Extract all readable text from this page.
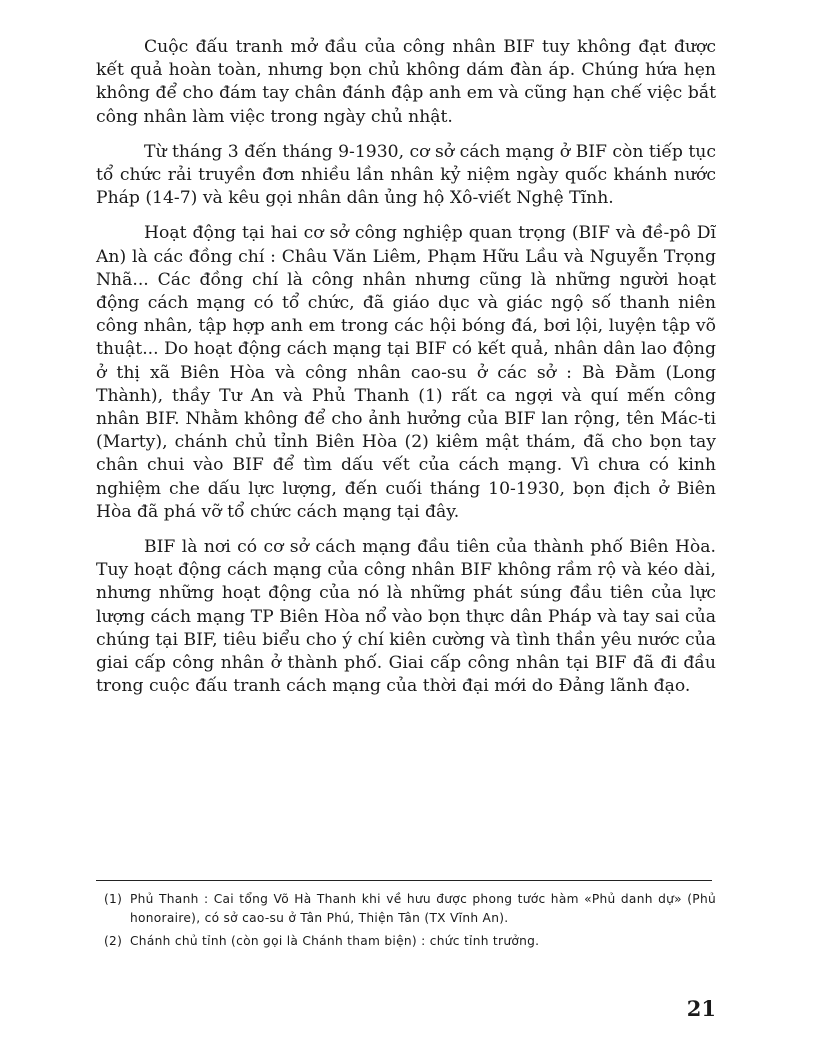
Cuộc đấu tranh mở đầu của công nhân BIF tuy không đạt được kết quả hoàn toàn, nhưng bọn chủ không dám đàn áp. Chúng hứa hẹn không để cho đám tay chân đánh đập anh em và cũng hạn chế việc bắt công nhân làm việc trong ngày chủ nhật.

Từ tháng 3 đến tháng 9-1930, cơ sở cách mạng ở BIF còn tiếp tục tổ chức rải truyền đơn nhiều lần nhân kỷ niệm ngày quốc khánh nước Pháp (14-7) và kêu gọi nhân dân ủng hộ Xô-viết Nghệ Tĩnh.

Hoạt động tại hai cơ sở công nghiệp quan trọng (BIF và đề-pô Dĩ An) là các đồng chí : Châu Văn Liêm, Phạm Hữu Lầu và Nguyễn Trọng Nhã... Các đồng chí là công nhân nhưng cũng là những người hoạt động cách mạng có tổ chức, đã giáo dục và giác ngộ số thanh niên công nhân, tập hợp anh em trong các hội bóng đá, bơi lội, luyện tập võ thuật... Do hoạt động cách mạng tại BIF có kết quả, nhân dân lao động ở thị xã Biên Hòa và công nhân cao-su ở các sở : Bà Đằm (Long Thành), thầy Tư An và Phủ Thanh (1) rất ca ngợi và quí mến công nhân BIF. Nhằm không để cho ảnh hưởng của BIF lan rộng, tên Mác-ti (Marty), chánh chủ tỉnh Biên Hòa (2) kiêm mật thám, đã cho bọn tay chân chui vào BIF để tìm dấu vết của cách mạng. Vì chưa có kinh nghiệm che dấu lực lượng, đến cuối tháng 10-1930, bọn địch ở Biên Hòa đã phá vỡ tổ chức cách mạng tại đây.

BIF là nơi có cơ sở cách mạng đầu tiên của thành phố Biên Hòa. Tuy hoạt động cách mạng của công nhân BIF không rầm rộ và kéo dài, nhưng những hoạt động của nó là những phát súng đầu tiên của lực lượng cách mạng TP Biên Hòa nổ vào bọn thực dân Pháp và tay sai của chúng tại BIF, tiêu biểu cho ý chí kiên cường và tình thần yêu nước của giai cấp công nhân ở thành phố. Giai cấp công nhân tại BIF đã đi đầu trong cuộc đấu tranh cách mạng của thời đại mới do Đảng lãnh đạo.

(1) Phủ Thanh : Cai tổng Võ Hà Thanh khi về hưu được phong tước hàm «Phủ danh dự» (Phủ honoraire), có sở cao-su ở Tân Phú, Thiện Tân (TX Vĩnh An).
(2) Chánh chủ tỉnh (còn gọi là Chánh tham biện) : chức tỉnh trưởng.
21
